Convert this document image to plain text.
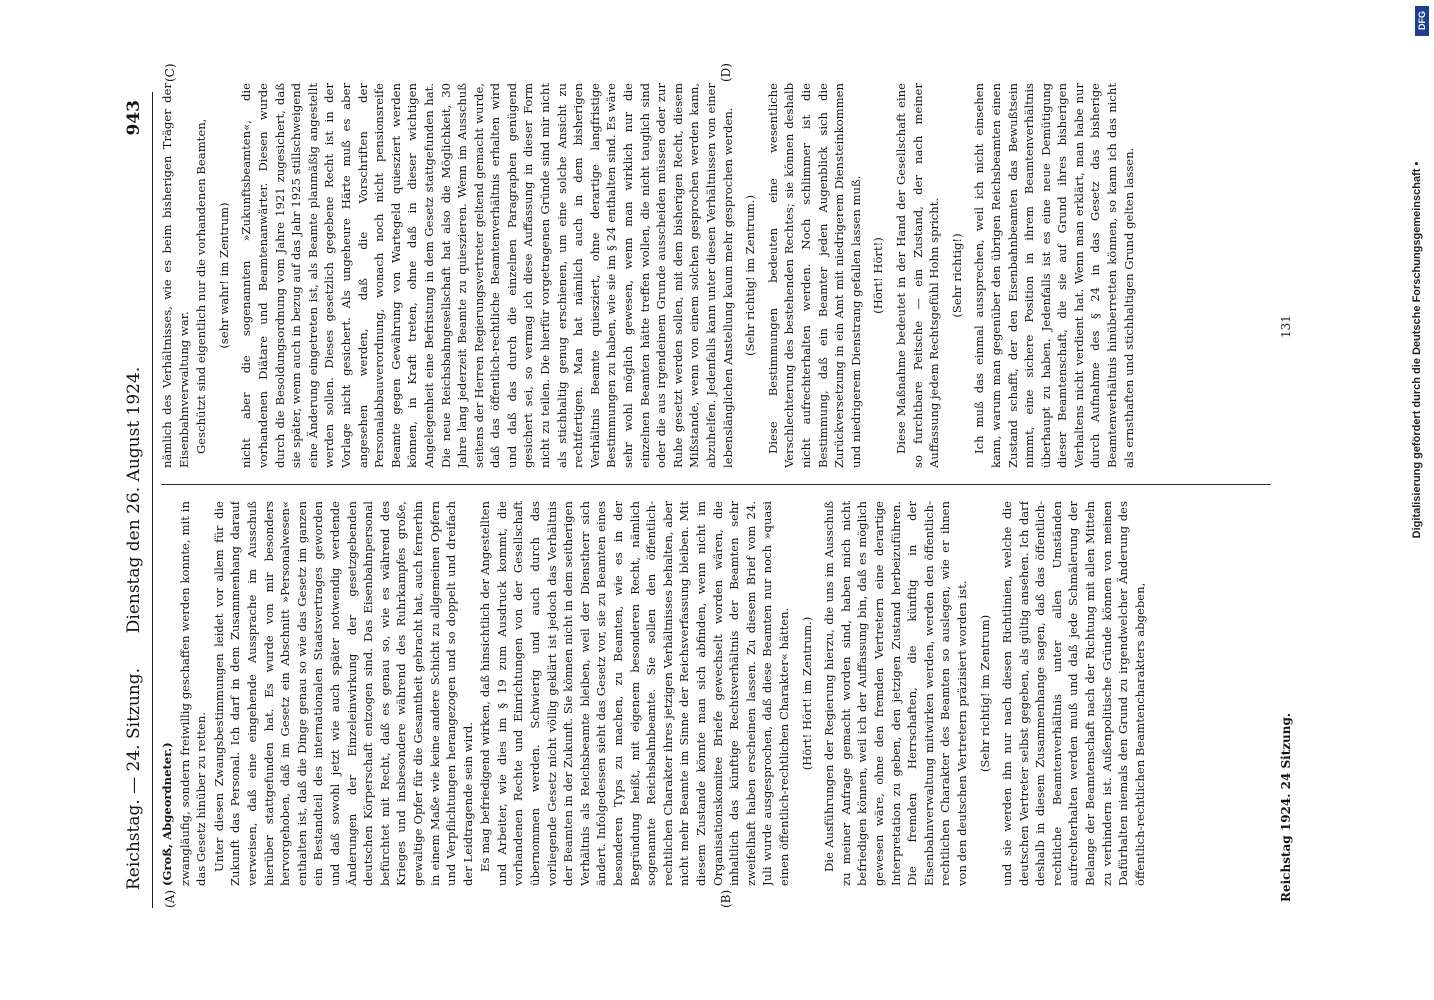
Reichstag. — 24. Sitzung.
Dienstag den 26. August 1924.
943
(A)	(B)
(C)	(D)

(Groß, Abgeordneter.) zwangläufig, sondern freiwillig geschaffen werden konnte, mit in das Gesetz hinüber zu retten. Unter diesen Zwangsbestimmungen leidet vor allem für die Zukunft das Personal. Ich darf in dem Zusammenhang darauf verweisen, daß eine eingehende Aussprache im Ausschuß hierüber stattgefunden hat. Es wurde von mir besonders hervorgehoben, daß im Gesetz ein Abschnitt »Personalwesen« enthalten ist, daß die Dinge genau so wie das Gesetz im ganzen ein Bestandteil des internationalen Staatsvertrages geworden und daß sowohl jetzt wie auch später notwendig werdende Änderungen der Einzeleinwirkung der gesetzgebenden deutschen Körperschaft entzogen sind. Das Eisenbahnpersonal befürchtet mit Recht, daß es genau so, wie es während des Krieges und insbesondere während des Ruhrkampfes große, gewaltige Opfer für die Gesamtheit gebracht hat, auch fernerhin in einem Maße wie keine andere Schicht zu allgemeinen Opfern und Verpflichtungen herangezogen und so doppelt und dreifach der Leidtragende sein wird. Es mag befriedigend wirken, daß hinsichtlich der Angestellten und Arbeiter, wie dies im § 19 zum Ausdruck kommt, die vorhandenen Rechte und Einrichtungen von der Gesellschaft übernommen werden. Schwierig und auch durch das vorliegende Gesetz nicht völlig geklärt ist jedoch das Verhältnis der Beamten in der Zukunft. Sie können nicht in dem seitherigen Verhältnis als Reichsbeamte bleiben, weil der Dienstherr sich ändert. Infolgedessen sieht das Gesetz vor, sie zu Beamten eines besonderen Typs zu machen, zu Beamten, wie es in der Begründung heißt, mit eigenem besonderen Recht, nämlich sogenannte Reichsbahnbeamte. Sie sollen den öffentlich-rechtlichen Charakter ihres jetzigen Verhältnisses behalten, aber nicht mehr Beamte im Sinne der Reichsverfassung bleiben. Mit diesem Zustande könnte man sich abfinden, wenn nicht im Organisationskomitee Briefe gewechselt worden wären, die inhaltlich das künftige Rechtsverhältnis der Beamten sehr zweifelhaft haben erscheinen lassen. Zu diesem Brief vom 24. Juli wurde ausgesprochen, daß diese Beamten nur noch »quasi einen öffentlich-rechtlichen Charakter« hätten. (Hört! Hört! im Zentrum.) Die Ausführungen der Regierung hierzu, die uns im Ausschuß zu meiner Anfrage gemacht worden sind, haben mich nicht befriedigen können, weil ich der Auffassung bin, daß es möglich gewesen wäre, ohne den fremden Vertretern eine derartige Interpretation zu geben, den jetzigen Zustand herbeizuführen. Die fremden Herrschaften, die künftig in der Eisenbahnverwaltung mitwirken werden, werden den öffentlich-rechtlichen Charakter des Beamten so auslegen, wie er ihnen von den deutschen Vertretern präzisiert worden ist. (Sehr richtig! im Zentrum) und sie werden ihn nur nach diesen Richtlinien, welche die deutschen Vertreter selbst gegeben, als gültig ansehen. Ich darf deshalb in diesem Zusammenhange sagen, daß das öffentlich-rechtliche Beamtenverhältnis unter allen Umständen aufrechterhalten werden muß und daß jede Schmälerung der Belange der Beamtenschaft nach der Richtung mit allen Mitteln zu verhindern ist. Außenpolitische Gründe können von meinen Dafürhalten niemals den Grund zu irgendwelcher Änderung des öffentlich-rechtlichen Beamtencharakters abgeben,

nämlich des Verhältnisses, wie es beim bisherigen Träger der Eisenbahnverwaltung war. Geschützt sind eigentlich nur die vorhandenen Beamten, (sehr wahr! im Zentrum) nicht aber die sogenannten »Zukunftsbeamten«, die vorhandenen Diätare und Beamtenanwärter. Diesen wurde durch die Besoldungsordnung vom Jahre 1921 zugesichert, daß sie später, wenn auch in bezug auf das Jahr 1925 stillschweigend eine Änderung eingetreten ist, als Beamte planmäßig angestellt werden sollen. Dieses gesetzlich gegebene Recht ist in der Vorlage nicht gesichert. Als ungeheure Härte muß es aber angesehen werden, daß die Vorschriften der Personalabbauverordnung, wonach noch nicht pensionsreife Beamte gegen Gewährung von Wartegeld quiesziert werden können, in Kraft treten, ohne daß in dieser wichtigen Angelegenheit eine Befristung in dem Gesetz stattgefunden hat. Die neue Reichsbahngesellschaft hat also die Möglichkeit, 30 Jahre lang jederzeit Beamte zu quieszieren. Wenn im Ausschuß seitens der Herren Regierungsvertreter geltend gemacht wurde, daß das öffentlich-rechtliche Beamtenverhältnis erhalten wird und daß das durch die einzelnen Paragraphen genügend gesichert sei, so vermag ich diese Auffassung in dieser Form nicht zu teilen. Die hierfür vorgetragenen Gründe sind mir nicht als stichhaltig genug erschienen, um eine solche Ansicht zu rechtfertigen. Man hat nämlich auch in dem bisherigen Verhältnis Beamte quiesziert, ohne derartige langfristige Bestimmungen zu haben, wie sie im § 24 enthalten sind. Es wäre sehr wohl möglich gewesen, wenn man wirklich nur die einzelnen Beamten hätte treffen wollen, die nicht tauglich sind oder die aus irgendeinem Grunde ausscheiden müssen oder zur Ruhe gesetzt werden sollen, mit dem bisherigen Recht, diesem Mißstande, wenn von einem solchen gesprochen werden kann, abzuhelfen. Jedenfalls kann unter diesen Verhältnissen von einer lebenslänglichen Anstellung kaum mehr gesprochen werden. (Sehr richtig! im Zentrum.) Diese Bestimmungen bedeuten eine wesentliche Verschlechterung des bestehenden Rechtes; sie können deshalb nicht aufrechterhalten werden. Noch schlimmer ist die Bestimmung, daß ein Beamter jeden Augenblick sich die Zurückversetzung in ein Amt mit niedrigerem Diensteinkommen und niedrigerem Dienstrang gefallen lassen muß. (Hört! Hört!) Diese Maßnahme bedeutet in der Hand der Gesellschaft eine so furchtbare Peitsche — ein Zustand, der nach meiner Auffassung jedem Rechtsgefühl Hohn spricht. (Sehr richtig!) Ich muß das einmal aussprechen, weil ich nicht einsehen kann, warum man gegenüber den übrigen Reichsbeamten einen Zustand schafft, der den Eisenbahnbeamten das Bewußtsein nimmt, eine sichere Position in ihrem Beamtenverhältnis überhaupt zu haben. Jedenfalls ist es eine neue Demütigung dieser Beamtenschaft, die sie auf Grund ihres bisherigen Verhaltens nicht verdient hat. Wenn man erklärt, man habe nur durch Aufnahme des § 24 in das Gesetz das bisherige Beamtenverhältnis hinüberretten können, so kann ich das nicht als ernsthaften und stichhaltigen Grund gelten lassen.

Reichstag 1924. 24 Sitzung.
131	Digitalisierung gefördert durch die Deutsche Forschungsgemeinschaft •
DFG
